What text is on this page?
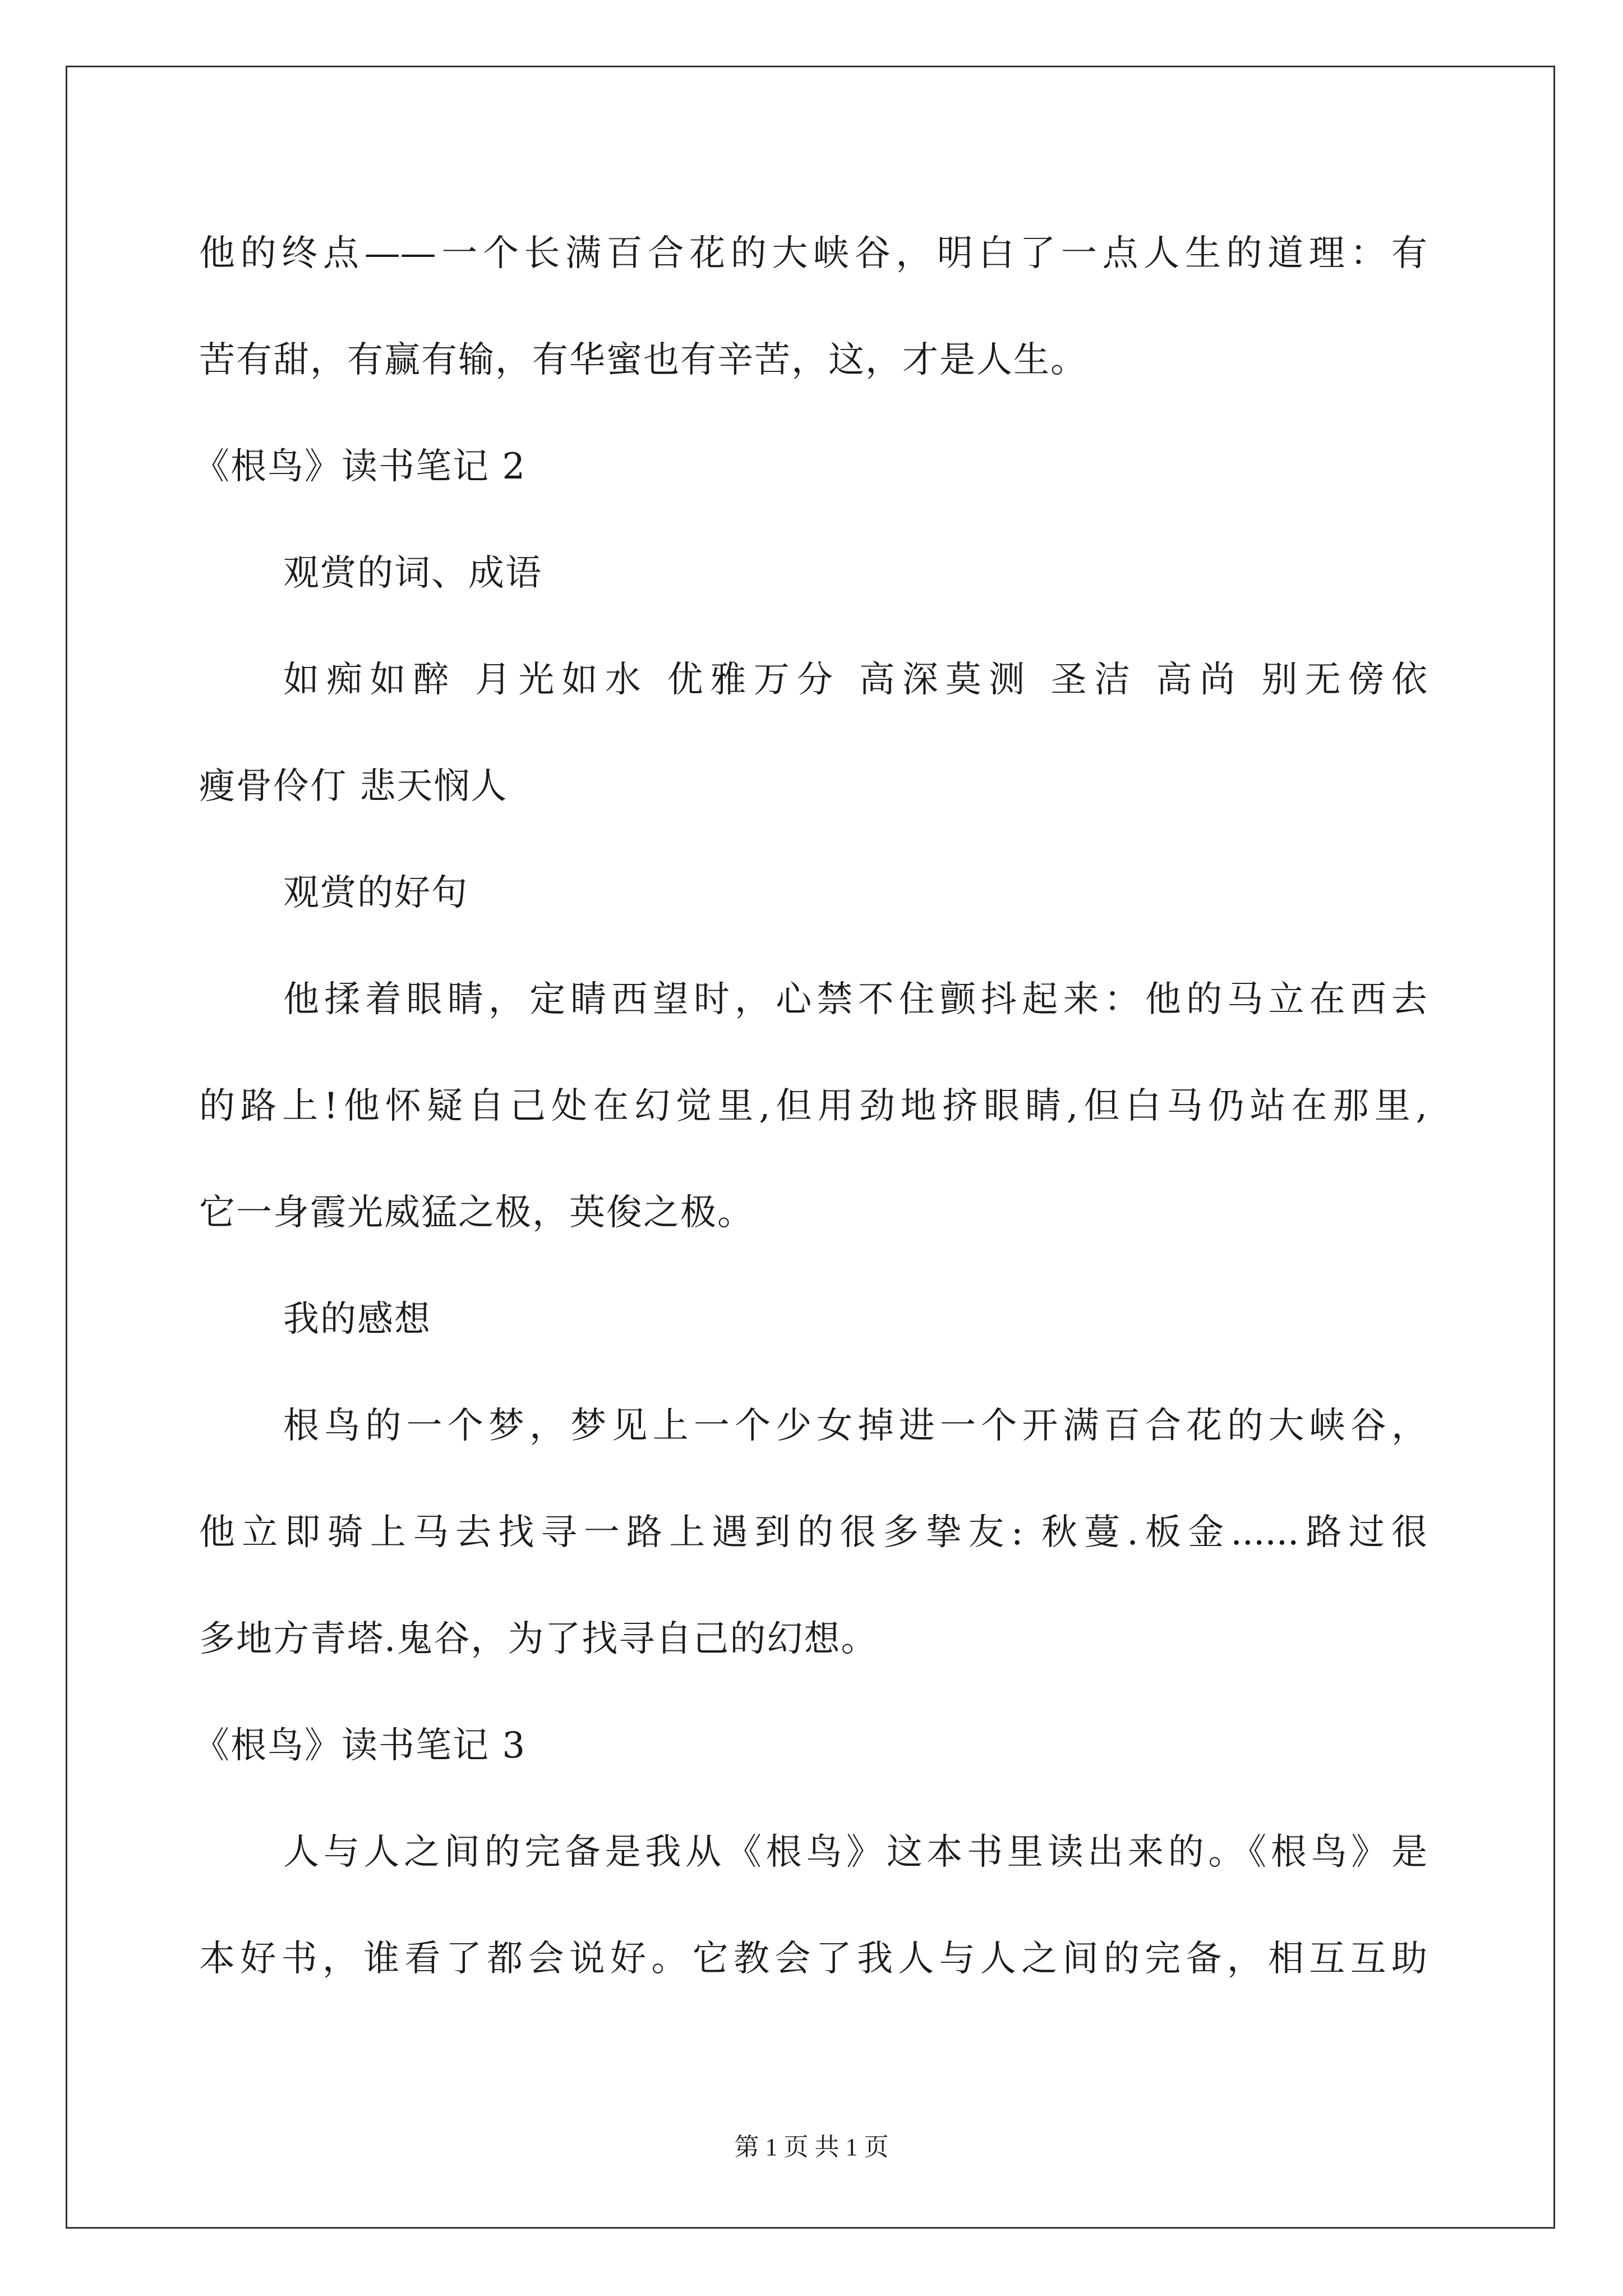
他的终点——一个长满百合花的大峡谷，明白了一点人生的道理：有
苦有甜，有赢有输，有华蜜也有辛苦，这，才是人生。
《根鸟》读书笔记 2
观赏的词、成语
如痴如醉 月光如水 优雅万分 高深莫测 圣洁 高尚 别无傍依
瘦骨伶仃 悲天悯人
观赏的好句
他揉着眼睛，定睛西望时，心禁不住颤抖起来：他的马立在西去
的路上!他怀疑自己处在幻觉里,但用劲地挤眼睛,但白马仍站在那里,
它一身霞光威猛之极，英俊之极。
我的感想
根鸟的一个梦，梦见上一个少女掉进一个开满百合花的大峡谷，
他立即骑上马去找寻一路上遇到的很多挚友: 秋蔓.板金......路过很
多地方青塔.鬼谷，为了找寻自己的幻想。
《根鸟》读书笔记 3
人与人之间的完备是我从《根鸟》这本书里读出来的。《根鸟》是
本好书，谁看了都会说好。它教会了我人与人之间的完备，相互互助
第 1 页 共 1 页
